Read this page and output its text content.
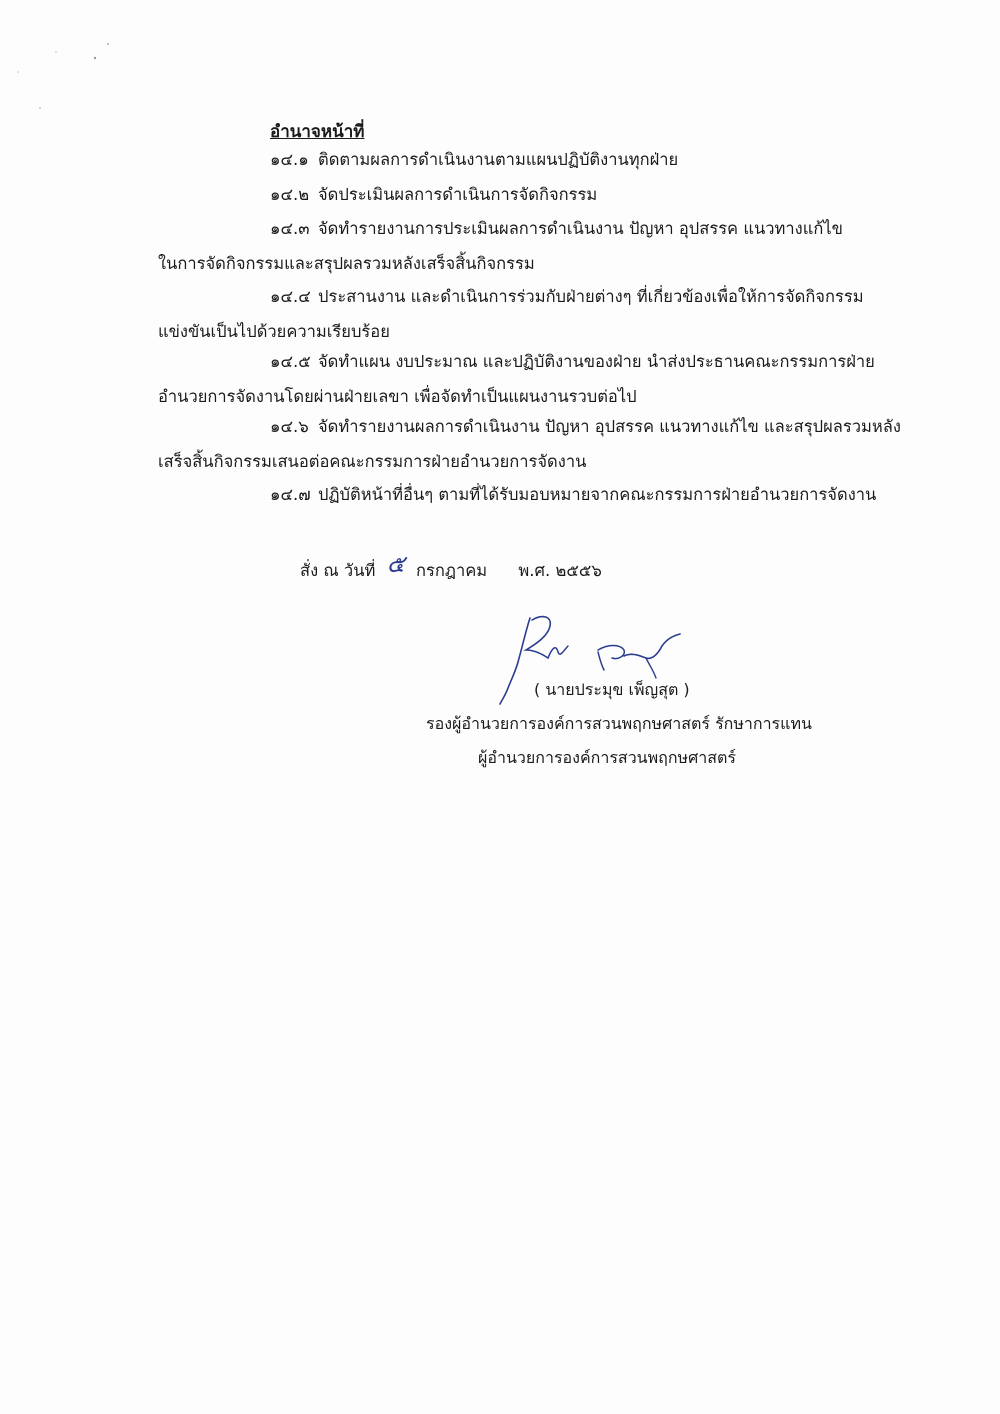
อำนาจหน้าที่
๑๔.๑ ติดตามผลการดำเนินงานตามแผนปฏิบัติงานทุกฝ่าย
๑๔.๒ จัดประเมินผลการดำเนินการจัดกิจกรรม
๑๔.๓ จัดทำรายงานการประเมินผลการดำเนินงาน ปัญหา อุปสรรค แนวทางแก้ไข
ในการจัดกิจกรรมและสรุปผลรวมหลังเสร็จสิ้นกิจกรรม
๑๔.๔ ประสานงาน และดำเนินการร่วมกับฝ่ายต่างๆ ที่เกี่ยวข้องเพื่อให้การจัดกิจกรรม
แข่งขันเป็นไปด้วยความเรียบร้อย
๑๔.๕ จัดทำแผน งบประมาณ และปฏิบัติงานของฝ่าย นำส่งประธานคณะกรรมการฝ่าย
อำนวยการจัดงานโดยผ่านฝ่ายเลขา เพื่อจัดทำเป็นแผนงานรวบต่อไป
๑๔.๖ จัดทำรายงานผลการดำเนินงาน ปัญหา อุปสรรค แนวทางแก้ไข และสรุปผลรวมหลัง
เสร็จสิ้นกิจกรรมเสนอต่อคณะกรรมการฝ่ายอำนวยการจัดงาน
๑๔.๗ ปฏิบัติหน้าที่อื่นๆ ตามที่ได้รับมอบหมายจากคณะกรรมการฝ่ายอำนวยการจัดงาน
สั่ง ณ วันที่ ๕ กรกฎาคม พ.ศ. ๒๕๕๖
( นายประมุข เพ็ญสุต )
รองผู้อำนวยการองค์การสวนพฤกษศาสตร์ รักษาการแทน
ผู้อำนวยการองค์การสวนพฤกษศาสตร์
